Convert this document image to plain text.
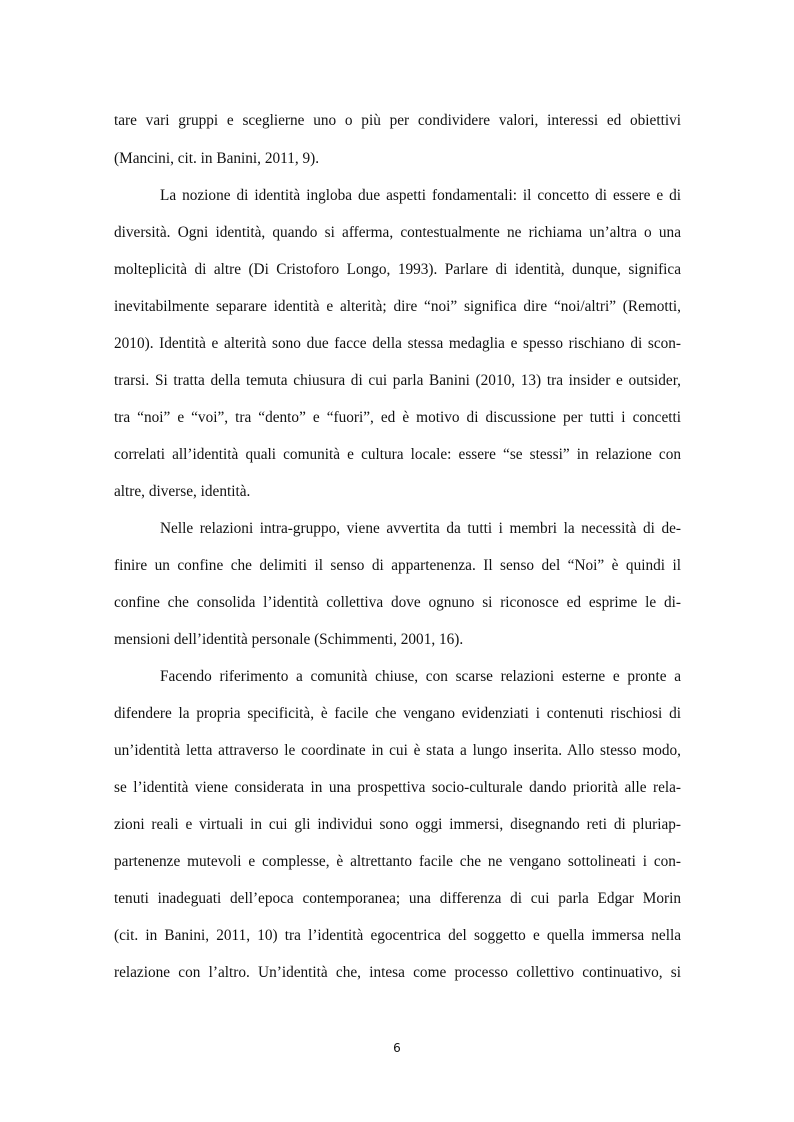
tare vari gruppi e sceglierne uno o più per condividere valori, interessi ed obiettivi
(Mancini, cit. in Banini, 2011, 9).
La nozione di identità ingloba due aspetti fondamentali: il concetto di essere e di
diversità. Ogni identità, quando si afferma, contestualmente ne richiama un’altra o una
molteplicità di altre (Di Cristoforo Longo, 1993). Parlare di identità, dunque, significa
inevitabilmente separare identità e alterità; dire “noi” significa dire “noi/altri” (Remotti,
2010). Identità e alterità sono due facce della stessa medaglia e spesso rischiano di scon-
trarsi. Si tratta della temuta chiusura di cui parla Banini (2010, 13) tra insider e outsider,
tra “noi” e “voi”, tra “dento” e “fuori”, ed è motivo di discussione per tutti i concetti
correlati all’identità quali comunità e cultura locale: essere “se stessi” in relazione con
altre, diverse, identità.
Nelle relazioni intra-gruppo, viene avvertita da tutti i membri la necessità di de-
finire un confine che delimiti il senso di appartenenza. Il senso del “Noi” è quindi il
confine che consolida l’identità collettiva dove ognuno si riconosce ed esprime le di-
mensioni dell’identità personale (Schimmenti, 2001, 16).
Facendo riferimento a comunità chiuse, con scarse relazioni esterne e pronte a
difendere la propria specificità, è facile che vengano evidenziati i contenuti rischiosi di
un’identità letta attraverso le coordinate in cui è stata a lungo inserita. Allo stesso modo,
se l’identità viene considerata in una prospettiva socio-culturale dando priorità alle rela-
zioni reali e virtuali in cui gli individui sono oggi immersi, disegnando reti di pluriap-
partenenze mutevoli e complesse, è altrettanto facile che ne vengano sottolineati i con-
tenuti inadeguati dell’epoca contemporanea; una differenza di cui parla Edgar Morin
(cit. in Banini, 2011, 10) tra l’identità egocentrica del soggetto e quella immersa nella
relazione con l’altro. Un’identità che, intesa come processo collettivo continuativo, si
6
